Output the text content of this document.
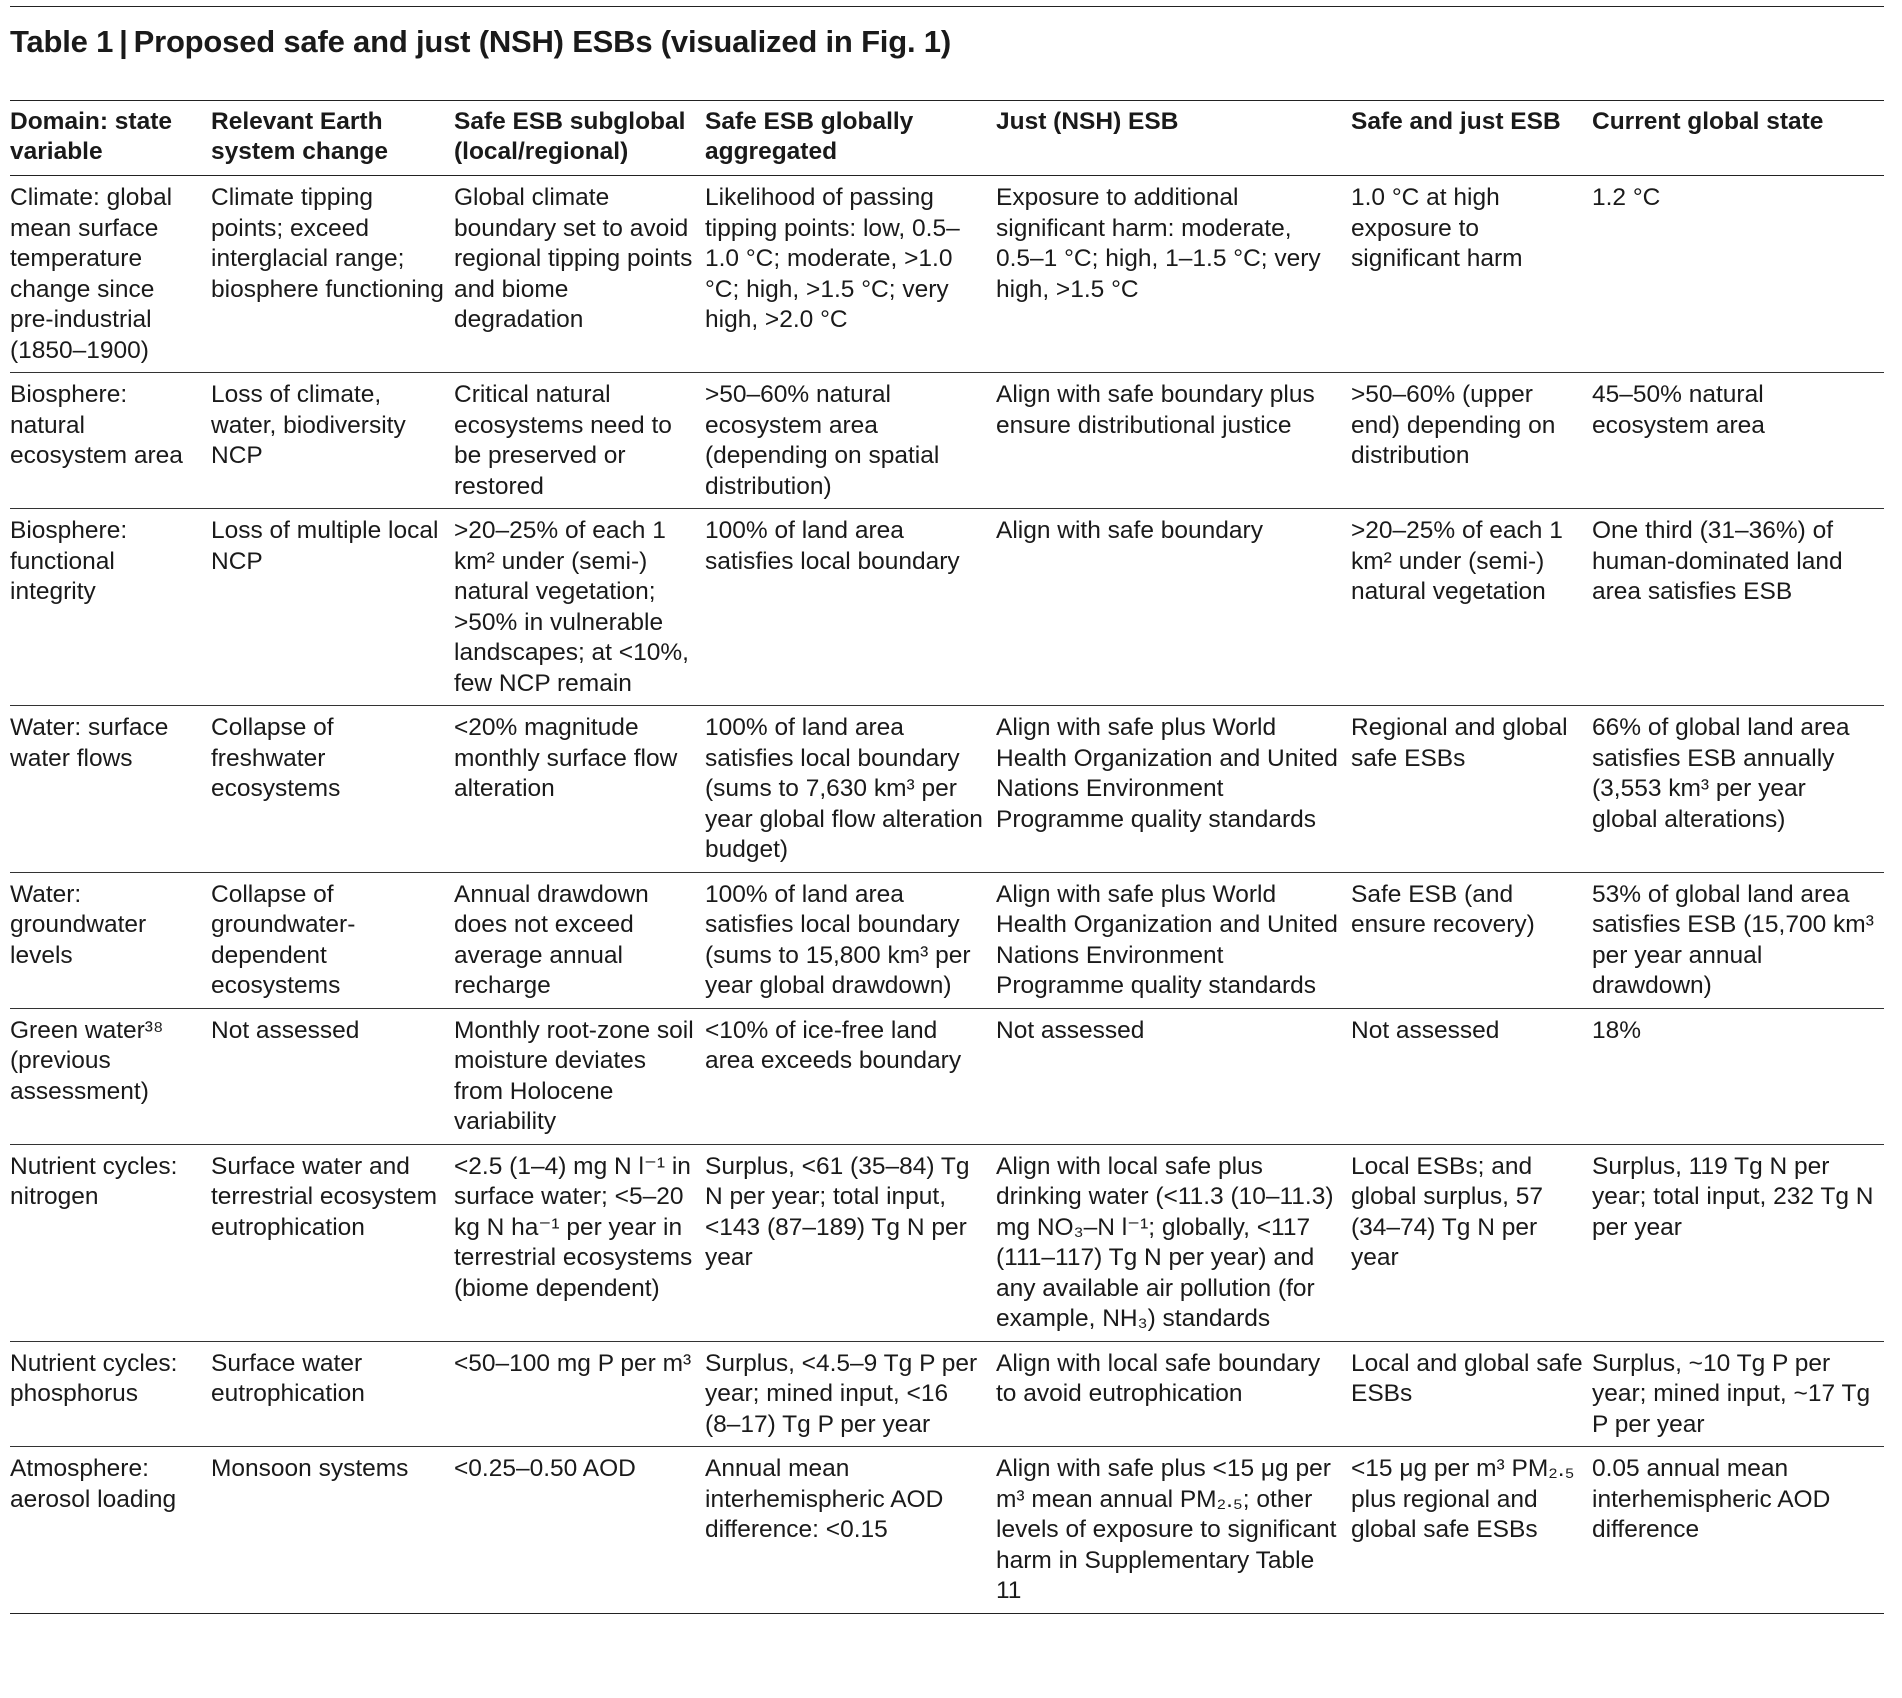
Table 1 | Proposed safe and just (NSH) ESBs (visualized in Fig. 1)
Domain: state variable	Relevant Earth system change	Safe ESB subglobal (local/regional)	Safe ESB globally aggregated	Just (NSH) ESB	Safe and just ESB	Current global state
Climate: global mean surface temperature change since pre-industrial (1850–1900)	Climate tipping points; exceed interglacial range; biosphere functioning	Global climate boundary set to avoid regional tipping points and biome degradation	Likelihood of passing tipping points: low, 0.5–1.0 °C; moderate, >1.0 °C; high, >1.5 °C; very high, >2.0 °C	Exposure to additional significant harm: moderate, 0.5–1 °C; high, 1–1.5 °C; very high, >1.5 °C	1.0 °C at high exposure to significant harm	1.2 °C
Biosphere: natural ecosystem area	Loss of climate, water, biodiversity NCP	Critical natural ecosystems need to be preserved or restored	>50–60% natural ecosystem area (depending on spatial distribution)	Align with safe boundary plus ensure distributional justice	>50–60% (upper end) depending on distribution	45–50% natural ecosystem area
Biosphere: functional integrity	Loss of multiple local NCP	>20–25% of each 1 km² under (semi-) natural vegetation; >50% in vulnerable landscapes; at <10%, few NCP remain	100% of land area satisfies local boundary	Align with safe boundary	>20–25% of each 1 km² under (semi-) natural vegetation	One third (31–36%) of human-dominated land area satisfies ESB
Water: surface water flows	Collapse of freshwater ecosystems	<20% magnitude monthly surface flow alteration	100% of land area satisfies local boundary (sums to 7,630 km³ per year global flow alteration budget)	Align with safe plus World Health Organization and United Nations Environment Programme quality standards	Regional and global safe ESBs	66% of global land area satisfies ESB annually (3,553 km³ per year global alterations)
Water: groundwater levels	Collapse of groundwater-dependent ecosystems	Annual drawdown does not exceed average annual recharge	100% of land area satisfies local boundary (sums to 15,800 km³ per year global drawdown)	Align with safe plus World Health Organization and United Nations Environment Programme quality standards	Safe ESB (and ensure recovery)	53% of global land area satisfies ESB (15,700 km³ per year annual drawdown)
Green water³⁸ (previous assessment)	Not assessed	Monthly root-zone soil moisture deviates from Holocene variability	<10% of ice-free land area exceeds boundary	Not assessed	Not assessed	18%
Nutrient cycles: nitrogen	Surface water and terrestrial ecosystem eutrophication	<2.5 (1–4) mg N l⁻¹ in surface water; <5–20 kg N ha⁻¹ per year in terrestrial ecosystems (biome dependent)	Surplus, <61 (35–84) Tg N per year; total input, <143 (87–189) Tg N per year	Align with local safe plus drinking water (<11.3 (10–11.3) mg NO₃–N l⁻¹; globally, <117 (111–117) Tg N per year) and any available air pollution (for example, NH₃) standards	Local ESBs; and global surplus, 57 (34–74) Tg N per year	Surplus, 119 Tg N per year; total input, 232 Tg N per year
Nutrient cycles: phosphorus	Surface water eutrophication	<50–100 mg P per m³	Surplus, <4.5–9 Tg P per year; mined input, <16 (8–17) Tg P per year	Align with local safe boundary to avoid eutrophication	Local and global safe ESBs	Surplus, ~10 Tg P per year; mined input, ~17 Tg P per year
Atmosphere: aerosol loading	Monsoon systems	<0.25–0.50 AOD	Annual mean interhemispheric AOD difference: <0.15	Align with safe plus <15 μg per m³ mean annual PM₂.₅; other levels of exposure to significant harm in Supplementary Table 11	<15 μg per m³ PM₂.₅ plus regional and global safe ESBs	0.05 annual mean interhemispheric AOD difference
